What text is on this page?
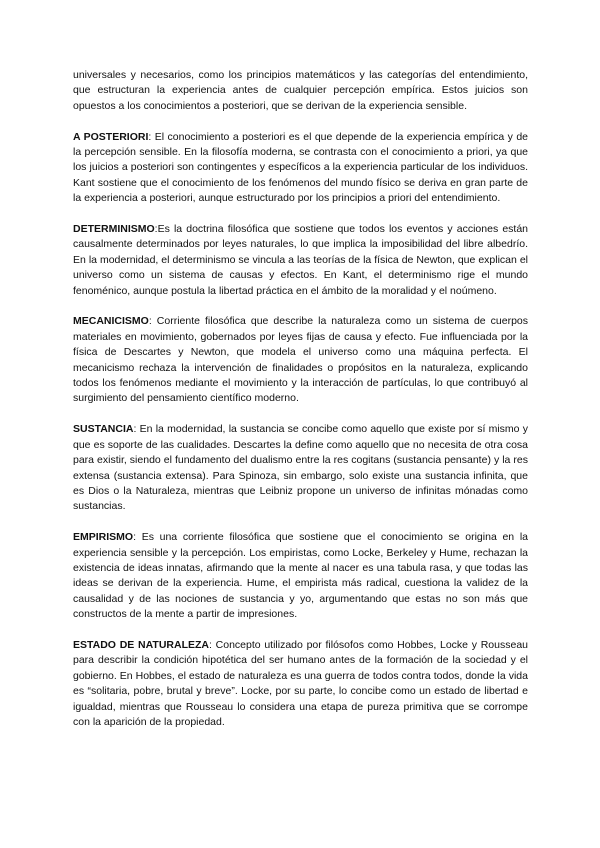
universales y necesarios, como los principios matemáticos y las categorías del entendimiento, que estructuran la experiencia antes de cualquier percepción empírica. Estos juicios son opuestos a los conocimientos a posteriori, que se derivan de la experiencia sensible.

A POSTERIORI: El conocimiento a posteriori es el que depende de la experiencia empírica y de la percepción sensible. En la filosofía moderna, se contrasta con el conocimiento a priori, ya que los juicios a posteriori son contingentes y específicos a la experiencia particular de los individuos. Kant sostiene que el conocimiento de los fenómenos del mundo físico se deriva en gran parte de la experiencia a posteriori, aunque estructurado por los principios a priori del entendimiento.

DETERMINISMO:Es la doctrina filosófica que sostiene que todos los eventos y acciones están causalmente determinados por leyes naturales, lo que implica la imposibilidad del libre albedrío. En la modernidad, el determinismo se vincula a las teorías de la física de Newton, que explican el universo como un sistema de causas y efectos. En Kant, el determinismo rige el mundo fenoménico, aunque postula la libertad práctica en el ámbito de la moralidad y el noúmeno.

MECANICISMO: Corriente filosófica que describe la naturaleza como un sistema de cuerpos materiales en movimiento, gobernados por leyes fijas de causa y efecto. Fue influenciada por la física de Descartes y Newton, que modela el universo como una máquina perfecta. El mecanicismo rechaza la intervención de finalidades o propósitos en la naturaleza, explicando todos los fenómenos mediante el movimiento y la interacción de partículas, lo que contribuyó al surgimiento del pensamiento científico moderno.

SUSTANCIA: En la modernidad, la sustancia se concibe como aquello que existe por sí mismo y que es soporte de las cualidades. Descartes la define como aquello que no necesita de otra cosa para existir, siendo el fundamento del dualismo entre la res cogitans (sustancia pensante) y la res extensa (sustancia extensa). Para Spinoza, sin embargo, solo existe una sustancia infinita, que es Dios o la Naturaleza, mientras que Leibniz propone un universo de infinitas mónadas como sustancias.

EMPIRISMO: Es una corriente filosófica que sostiene que el conocimiento se origina en la experiencia sensible y la percepción. Los empiristas, como Locke, Berkeley y Hume, rechazan la existencia de ideas innatas, afirmando que la mente al nacer es una tabula rasa, y que todas las ideas se derivan de la experiencia. Hume, el empirista más radical, cuestiona la validez de la causalidad y de las nociones de sustancia y yo, argumentando que estas no son más que constructos de la mente a partir de impresiones.

ESTADO DE NATURALEZA: Concepto utilizado por filósofos como Hobbes, Locke y Rousseau para describir la condición hipotética del ser humano antes de la formación de la sociedad y el gobierno. En Hobbes, el estado de naturaleza es una guerra de todos contra todos, donde la vida es “solitaria, pobre, brutal y breve”. Locke, por su parte, lo concibe como un estado de libertad e igualdad, mientras que Rousseau lo considera una etapa de pureza primitiva que se corrompe con la aparición de la propiedad.
